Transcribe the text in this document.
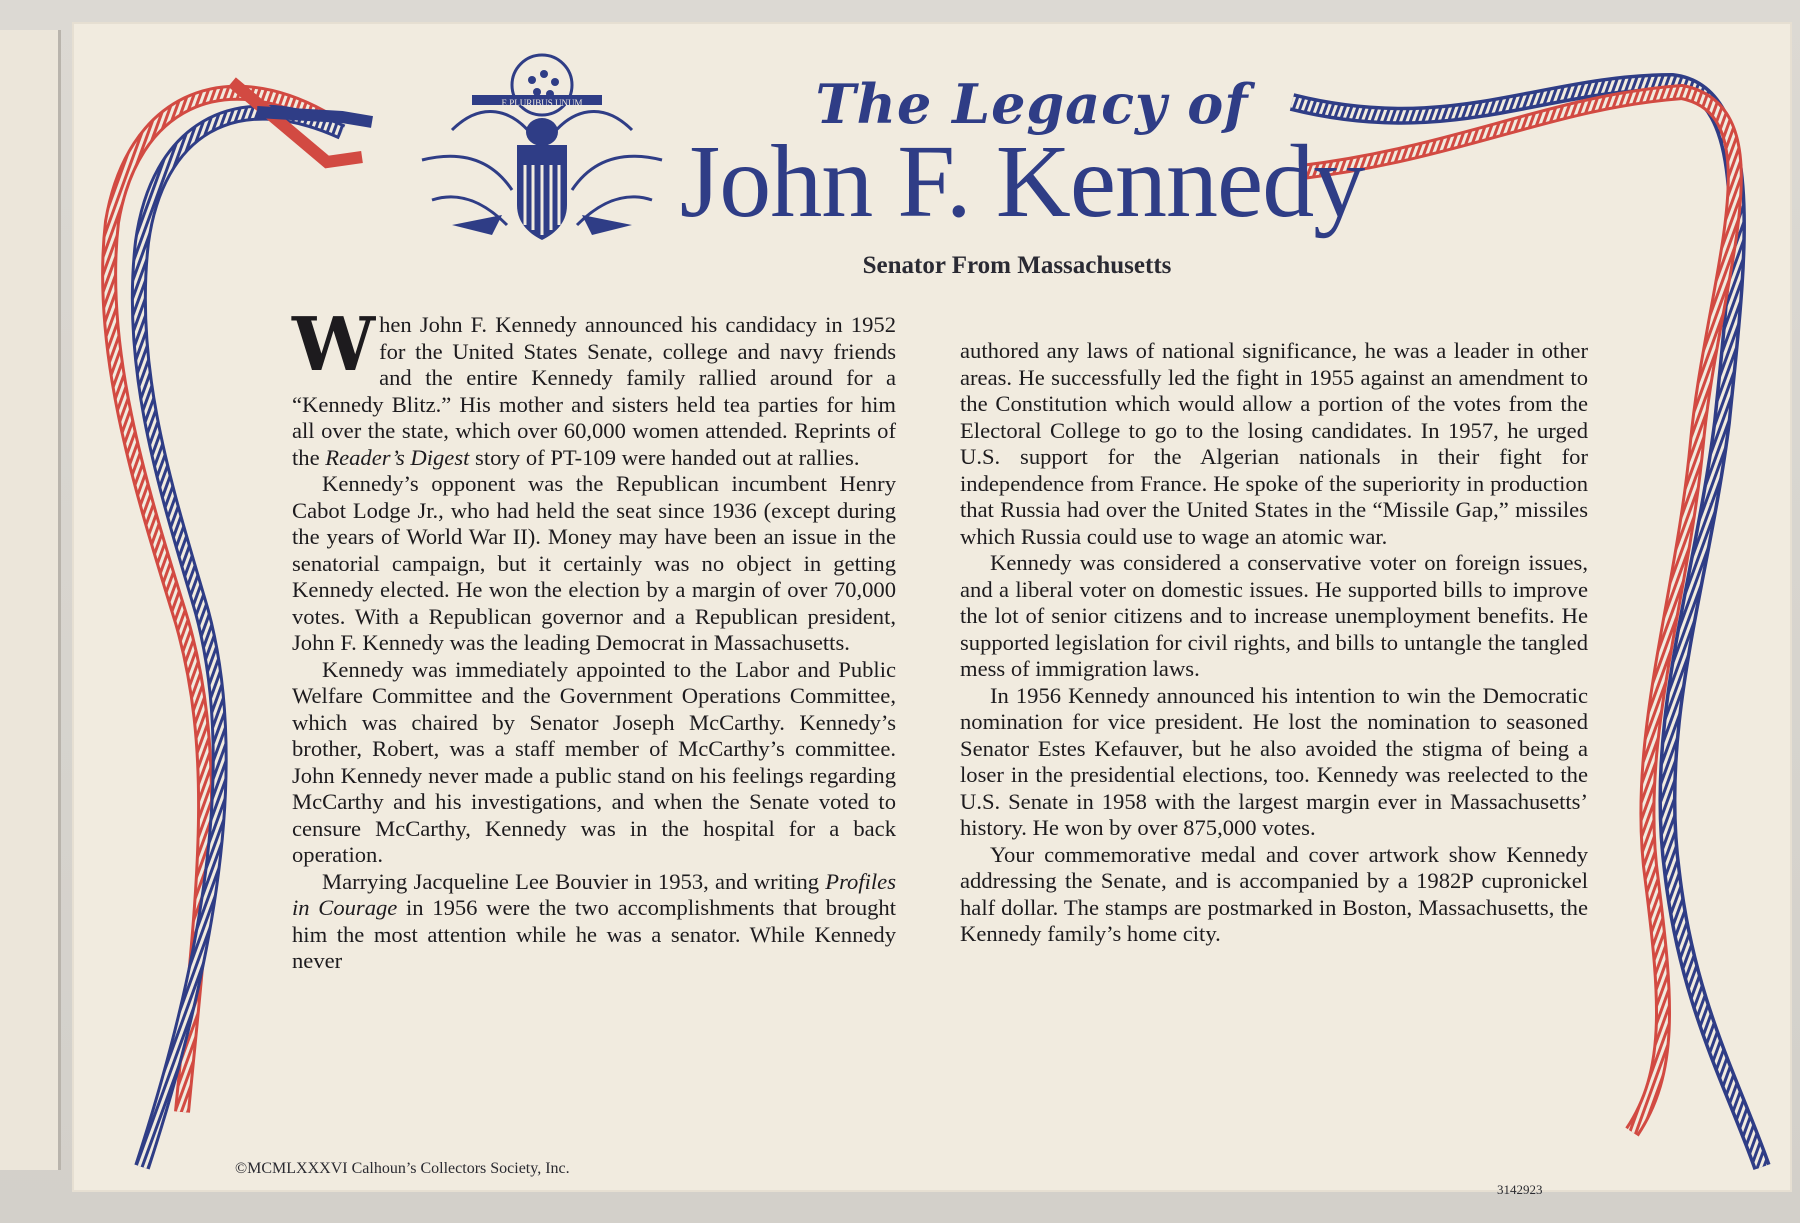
E PLURIBUS UNUM	The Legacy of
John F. Kennedy
Senator From Massachusetts

When John F. Kennedy announced his candidacy in 1952 for the United States Senate, college and navy friends and the entire Kennedy family rallied around for a “Kennedy Blitz.” His mother and sisters held tea parties for him all over the state, which over 60,000 women attended. Reprints of the Reader’s Digest story of PT-109 were handed out at rallies.

Kennedy’s opponent was the Republican incumbent Henry Cabot Lodge Jr., who had held the seat since 1936 (except during the years of World War II). Money may have been an issue in the senatorial campaign, but it certainly was no object in getting Kennedy elected. He won the election by a margin of over 70,000 votes. With a Republican governor and a Republican president, John F. Kennedy was the leading Democrat in Massachusetts.

Kennedy was immediately appointed to the Labor and Public Welfare Committee and the Government Operations Committee, which was chaired by Senator Joseph McCarthy. Kennedy’s brother, Robert, was a staff member of McCarthy’s committee. John Kennedy never made a public stand on his feelings regarding McCarthy and his investigations, and when the Senate voted to censure McCarthy, Kennedy was in the hospital for a back operation.

Marrying Jacqueline Lee Bouvier in 1953, and writing Profiles in Courage in 1956 were the two accomplishments that brought him the most attention while he was a senator. While Kennedy never

authored any laws of national significance, he was a leader in other areas. He successfully led the fight in 1955 against an amendment to the Constitution which would allow a portion of the votes from the Electoral College to go to the losing candidates. In 1957, he urged U.S. support for the Algerian nationals in their fight for independence from France. He spoke of the superiority in production that Russia had over the United States in the “Missile Gap,” missiles which Russia could use to wage an atomic war.

Kennedy was considered a conservative voter on foreign issues, and a liberal voter on domestic issues. He supported bills to improve the lot of senior citizens and to increase unemployment benefits. He supported legislation for civil rights, and bills to untangle the tangled mess of immigration laws.

In 1956 Kennedy announced his intention to win the Democratic nomination for vice president. He lost the nomination to seasoned Senator Estes Kefauver, but he also avoided the stigma of being a loser in the presidential elections, too. Kennedy was reelected to the U.S. Senate in 1958 with the largest margin ever in Massachusetts’ history. He won by over 875,000 votes.

Your commemorative medal and cover artwork show Kennedy addressing the Senate, and is accompanied by a 1982P cupronickel half dollar. The stamps are postmarked in Boston, Massachusetts, the Kennedy family’s home city.

©MCMLXXXVI Calhoun’s Collectors Society, Inc.
3142923
